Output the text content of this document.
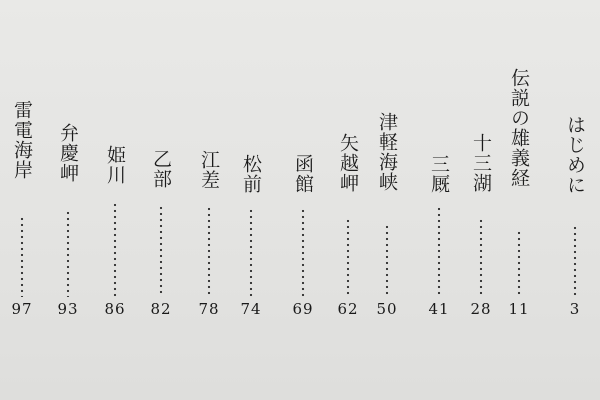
はじめに
3
伝説の雄義経
11
十三湖
28
三厩
41
津軽海峡
50
矢越岬
62
函館
69
松前
74
江差
78
乙部
82
姫川
86
弁慶岬
93
雷電海岸
97
